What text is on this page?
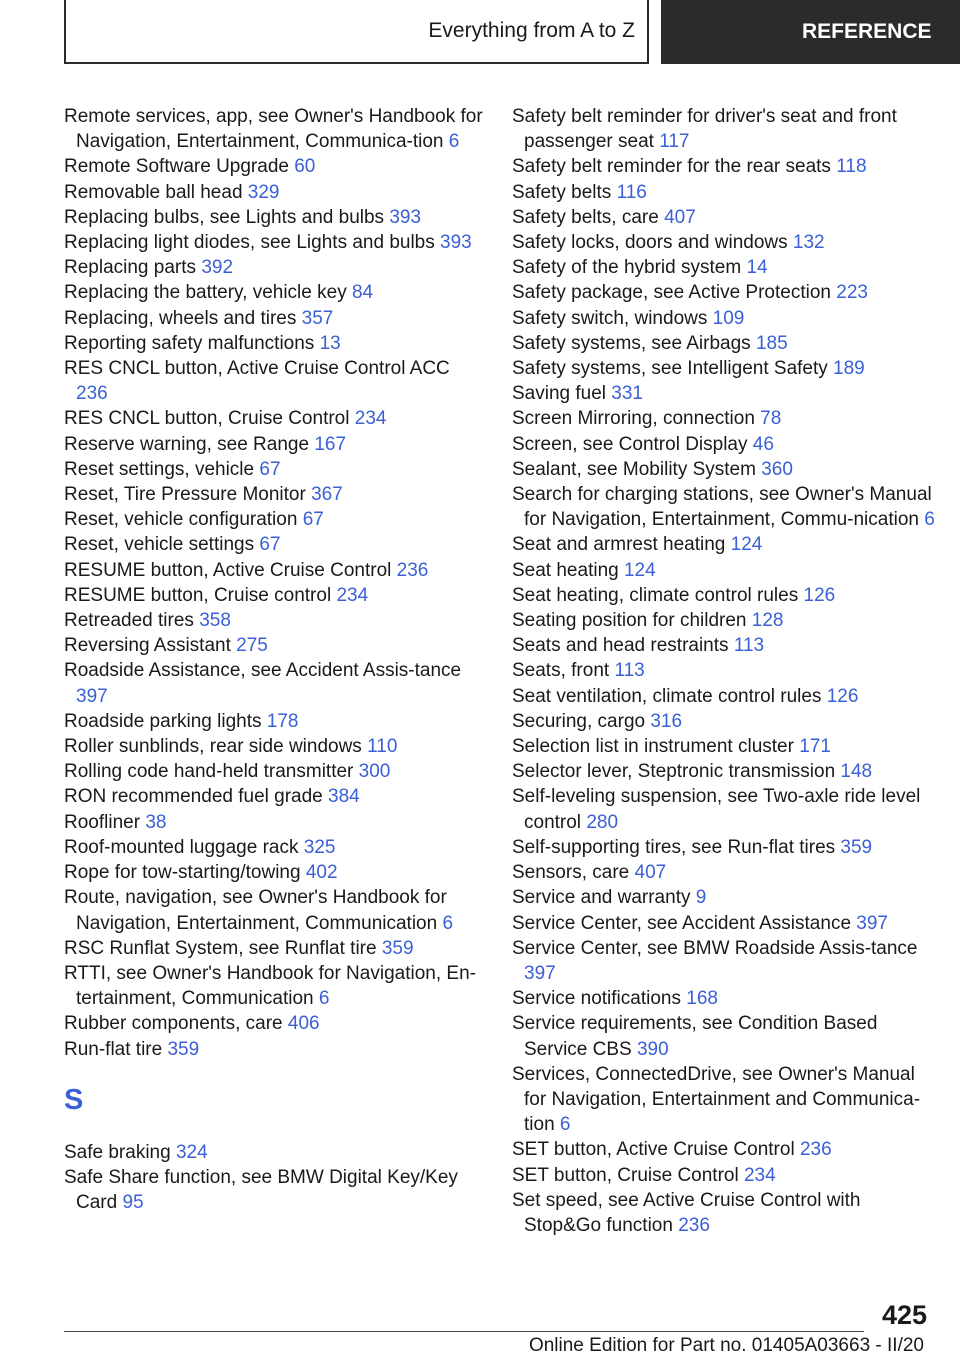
Everything from A to Z	REFERENCE

Remote services, app, see Owner's Handbook for Navigation, Entertainment, Communica‐tion 6

Remote Software Upgrade 60

Removable ball head 329

Replacing bulbs, see Lights and bulbs 393

Replacing light diodes, see Lights and bulbs 393

Replacing parts 392

Replacing the battery, vehicle key 84

Replacing, wheels and tires 357

Reporting safety malfunctions 13

RES CNCL button, Active Cruise Control ACC 236

RES CNCL button, Cruise Control 234

Reserve warning, see Range 167

Reset settings, vehicle 67

Reset, Tire Pressure Monitor 367

Reset, vehicle configuration 67

Reset, vehicle settings 67

RESUME button, Active Cruise Control 236

RESUME button, Cruise control 234

Retreaded tires 358

Reversing Assistant 275

Roadside Assistance, see Accident Assis‐tance 397

Roadside parking lights 178

Roller sunblinds, rear side windows 110

Rolling code hand-held transmitter 300

RON recommended fuel grade 384

Roofliner 38

Roof-mounted luggage rack 325

Rope for tow-starting/towing 402

Route, navigation, see Owner's Handbook for Navigation, Entertainment, Communication 6

RSC Runflat System, see Runflat tire 359

RTTI, see Owner's Handbook for Navigation, En‐tertainment, Communication 6

Rubber components, care 406

Run-flat tire 359

S

Safe braking 324

Safe Share function, see BMW Digital Key/Key Card 95

Safety belt reminder for driver's seat and front passenger seat 117

Safety belt reminder for the rear seats 118

Safety belts 116

Safety belts, care 407

Safety locks, doors and windows 132

Safety of the hybrid system 14

Safety package, see Active Protection 223

Safety switch, windows 109

Safety systems, see Airbags 185

Safety systems, see Intelligent Safety 189

Saving fuel 331

Screen Mirroring, connection 78

Screen, see Control Display 46

Sealant, see Mobility System 360

Search for charging stations, see Owner's Manual for Navigation, Entertainment, Commu‐nication 6

Seat and armrest heating 124

Seat heating 124

Seat heating, climate control rules 126

Seating position for children 128

Seats and head restraints 113

Seats, front 113

Seat ventilation, climate control rules 126

Securing, cargo 316

Selection list in instrument cluster 171

Selector lever, Steptronic transmission 148

Self-leveling suspension, see Two-axle ride level control 280

Self-supporting tires, see Run-flat tires 359

Sensors, care 407

Service and warranty 9

Service Center, see Accident Assistance 397

Service Center, see BMW Roadside Assis‐tance 397

Service notifications 168

Service requirements, see Condition Based Service CBS 390

Services, ConnectedDrive, see Owner's Manual for Navigation, Entertainment and Communica‐tion 6

SET button, Active Cruise Control 236

SET button, Cruise Control 234

Set speed, see Active Cruise Control with Stop&Go function 236

425
Online Edition for Part no. 01405A03663 - II/20
